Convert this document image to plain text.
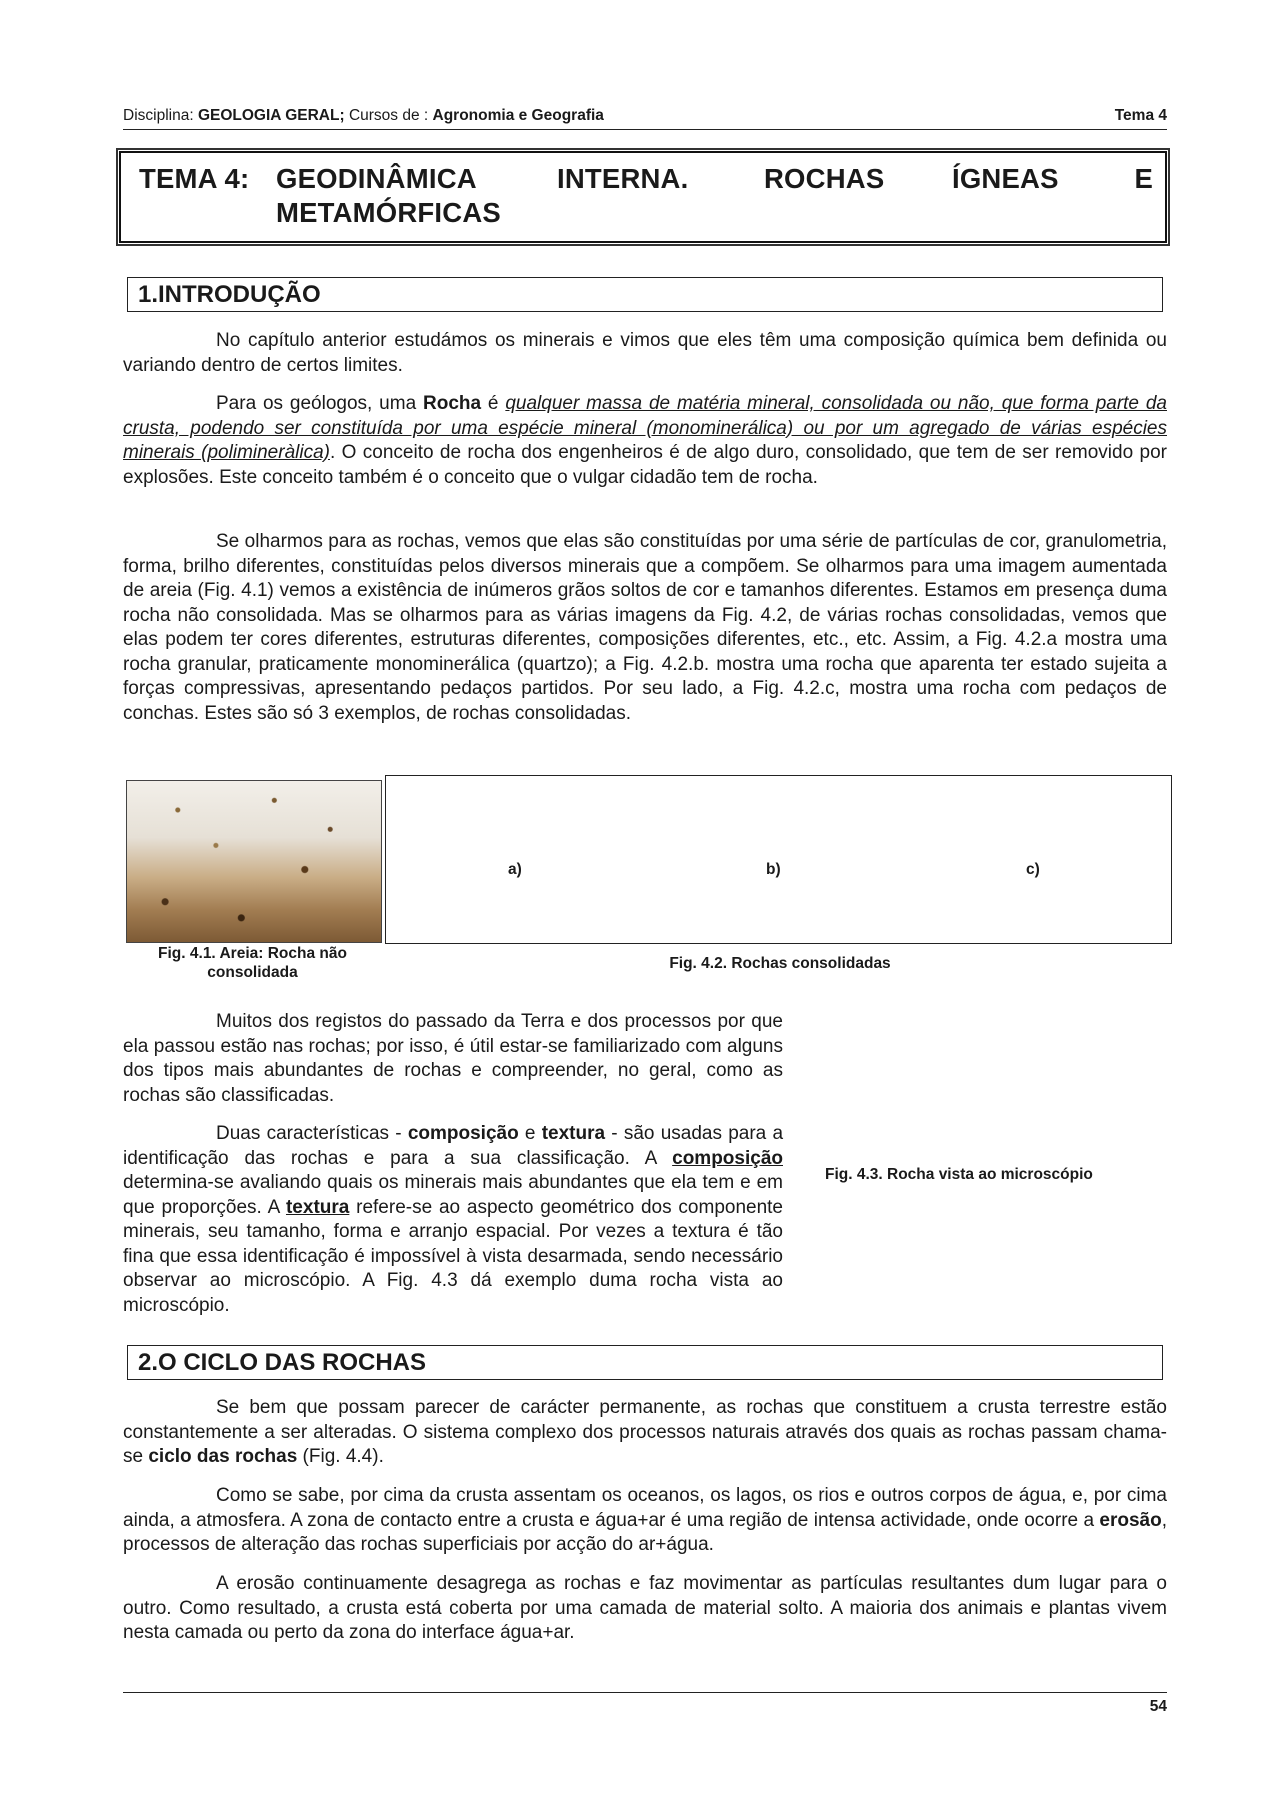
Disciplina: GEOLOGIA GERAL; Cursos de : Agronomia e Geografia	Tema 4
TEMA 4: GEODINÂMICA	INTERNA.	ROCHAS ÍGNEAS	E
METAMÓRFICAS
1.INTRODUÇÃO
No capítulo anterior estudámos os minerais e vimos que eles têm uma composição química bem definida ou variando dentro de certos limites.
Para os geólogos, uma Rocha é qualquer massa de matéria mineral, consolidada ou não, que forma parte da crusta, podendo ser constituída por uma espécie mineral (monominerálica) ou por um agregado de várias espécies minerais (polimineràlica). O conceito de rocha dos engenheiros é de algo duro, consolidado, que tem de ser removido por explosões. Este conceito também é o conceito que o vulgar cidadão tem de rocha.
Se olharmos para as rochas, vemos que elas são constituídas por uma série de partículas de cor, granulometria, forma, brilho diferentes, constituídas pelos diversos minerais que a compõem. Se olharmos para uma imagem aumentada de areia (Fig. 4.1) vemos a existência de inúmeros grãos soltos de cor e tamanhos diferentes. Estamos em presença duma rocha não consolidada. Mas se olharmos para as várias imagens da Fig. 4.2, de várias rochas consolidadas, vemos que elas podem ter cores diferentes, estruturas diferentes, composições diferentes, etc., etc. Assim, a Fig. 4.2.a mostra uma rocha granular, praticamente monominerálica (quartzo); a Fig. 4.2.b. mostra uma rocha que aparenta ter estado sujeita a forças compressivas, apresentando pedaços partidos. Por seu lado, a Fig. 4.2.c, mostra uma rocha com pedaços de conchas. Estes são só 3 exemplos, de rochas consolidadas.
a)	b)	c)
Fig. 4.1. Areia: Rocha não consolidada
Fig. 4.2. Rochas consolidadas
Muitos dos registos do passado da Terra e dos processos por que ela passou estão nas rochas; por isso, é útil estar-se familiarizado com alguns dos tipos mais abundantes de rochas e compreender, no geral, como as rochas são classificadas.
Duas características - composição e textura - são usadas para a identificação das rochas e para a sua classificação. A composição determina-se avaliando quais os minerais mais abundantes que ela tem e em que proporções. A textura refere-se ao aspecto geométrico dos componente minerais, seu tamanho, forma e arranjo espacial. Por vezes a textura é tão fina que essa identificação é impossível à vista desarmada, sendo necessário observar ao microscópio. A Fig. 4.3 dá exemplo duma rocha vista ao microscópio.
Fig. 4.3. Rocha vista ao microscópio
2.O CICLO DAS ROCHAS
Se bem que possam parecer de carácter permanente, as rochas que constituem a crusta terrestre estão constantemente a ser alteradas. O sistema complexo dos processos naturais através dos quais as rochas passam chama-se ciclo das rochas (Fig. 4.4).
Como se sabe, por cima da crusta assentam os oceanos, os lagos, os rios e outros corpos de água, e, por cima ainda, a atmosfera. A zona de contacto entre a crusta e água+ar é uma região de intensa actividade, onde ocorre a erosão, processos de alteração das rochas superficiais por acção do ar+água.
A erosão continuamente desagrega as rochas e faz movimentar as partículas resultantes dum lugar para o outro. Como resultado, a crusta está coberta por uma camada de material solto. A maioria dos animais e plantas vivem nesta camada ou perto da zona do interface água+ar.
54
